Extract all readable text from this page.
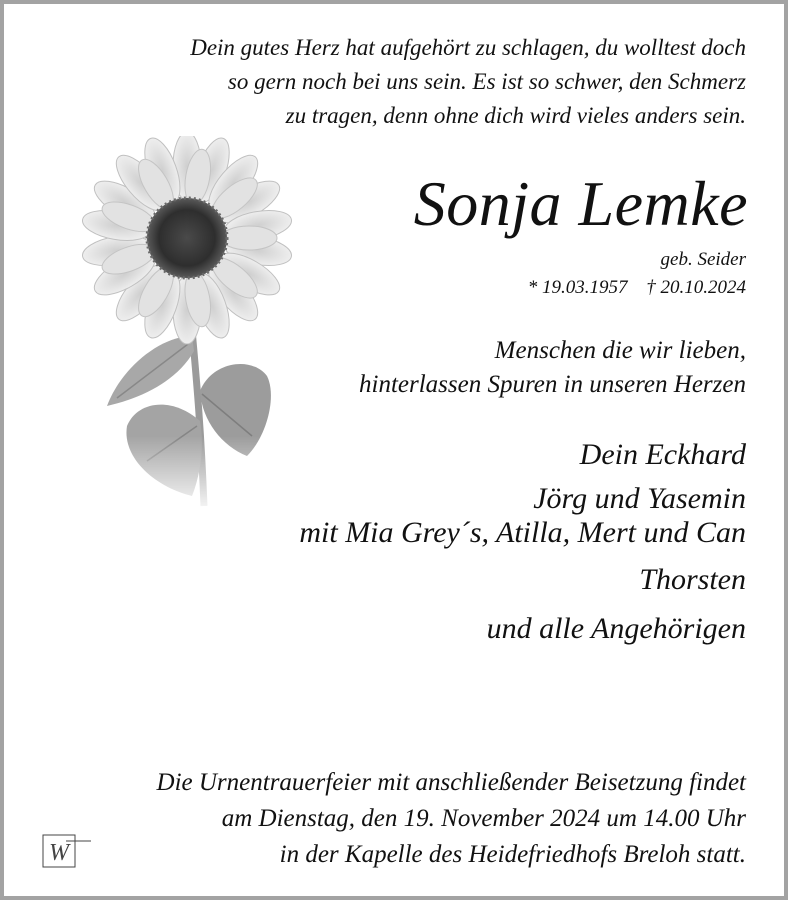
Dein gutes Herz hat aufgehört zu schlagen, du wolltest doch
so gern noch bei uns sein. Es ist so schwer, den Schmerz
zu tragen, denn ohne dich wird vieles anders sein.
Sonja Lemke
geb. Seider
* 19.03.1957 † 20.10.2024
Menschen die wir lieben,
hinterlassen Spuren in unseren Herzen
Dein Eckhard
Jörg und Yasemin
mit Mia Grey´s, Atilla, Mert und Can
Thorsten
und alle Angehörigen
Die Urnentrauerfeier mit anschließender Beisetzung findet
am Dienstag, den 19. November 2024 um 14.00 Uhr
in der Kapelle des Heidefriedhofs Breloh statt.
W
